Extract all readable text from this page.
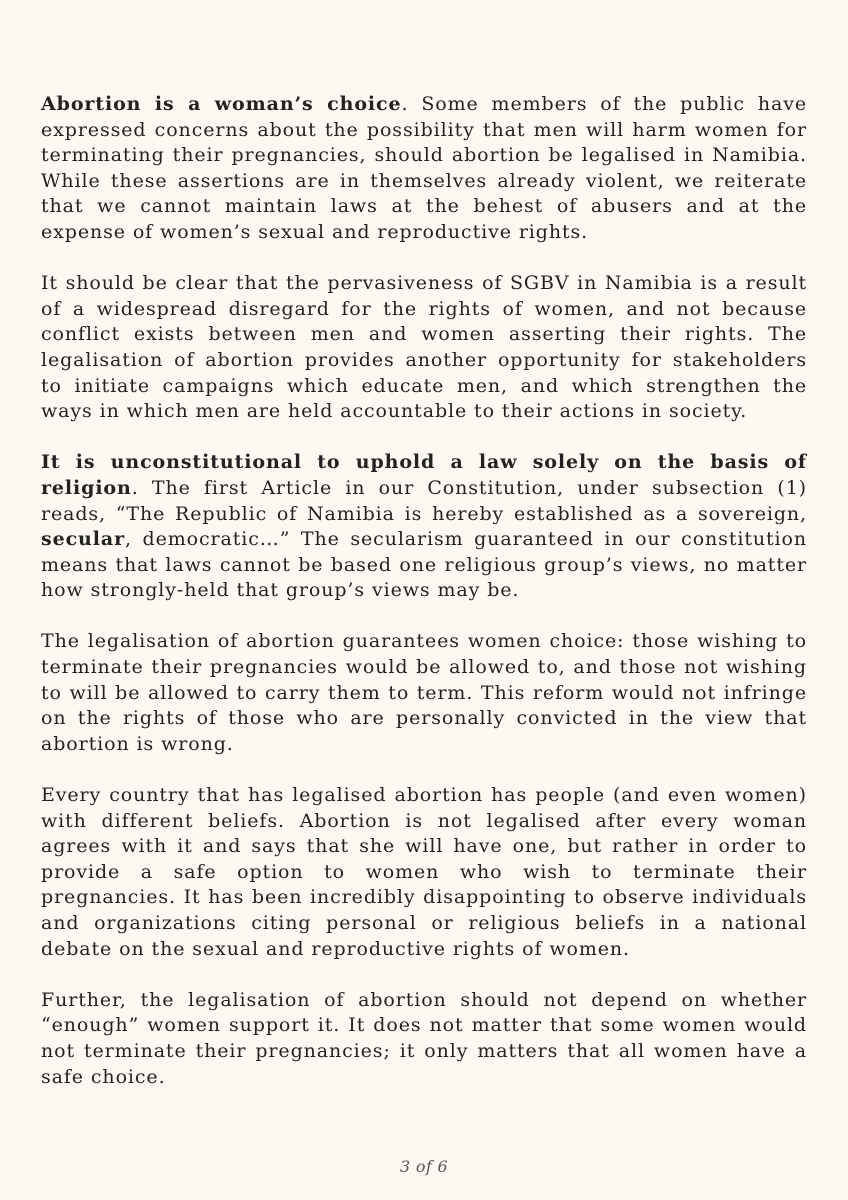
Abortion is a woman’s choice. Some members of the public have expressed concerns about the possibility that men will harm women for terminating their pregnancies, should abortion be legalised in Namibia. While these assertions are in themselves already violent, we reiterate that we cannot maintain laws at the behest of abusers and at the expense of women’s sexual and reproductive rights.

It should be clear that the pervasiveness of SGBV in Namibia is a result of a widespread disregard for the rights of women, and not because conflict exists between men and women asserting their rights. The legalisation of abortion provides another opportunity for stakeholders to initiate campaigns which educate men, and which strengthen the ways in which men are held accountable to their actions in society.

It is unconstitutional to uphold a law solely on the basis of religion. The first Article in our Constitution, under subsection (1) reads, “The Republic of Namibia is hereby established as a sovereign, secular, democratic…” The secularism guaranteed in our constitution means that laws cannot be based one religious group’s views, no matter how strongly-held that group’s views may be.

The legalisation of abortion guarantees women choice: those wishing to terminate their pregnancies would be allowed to, and those not wishing to will be allowed to carry them to term. This reform would not infringe on the rights of those who are personally convicted in the view that abortion is wrong.

Every country that has legalised abortion has people (and even women) with different beliefs. Abortion is not legalised after every woman agrees with it and says that she will have one, but rather in order to provide a safe option to women who wish to terminate their pregnancies. It has been incredibly disappointing to observe individuals and organizations citing personal or religious beliefs in a national debate on the sexual and reproductive rights of women.

Further, the legalisation of abortion should not depend on whether “enough” women support it. It does not matter that some women would not terminate their pregnancies; it only matters that all women have a safe choice.

3 of 6
